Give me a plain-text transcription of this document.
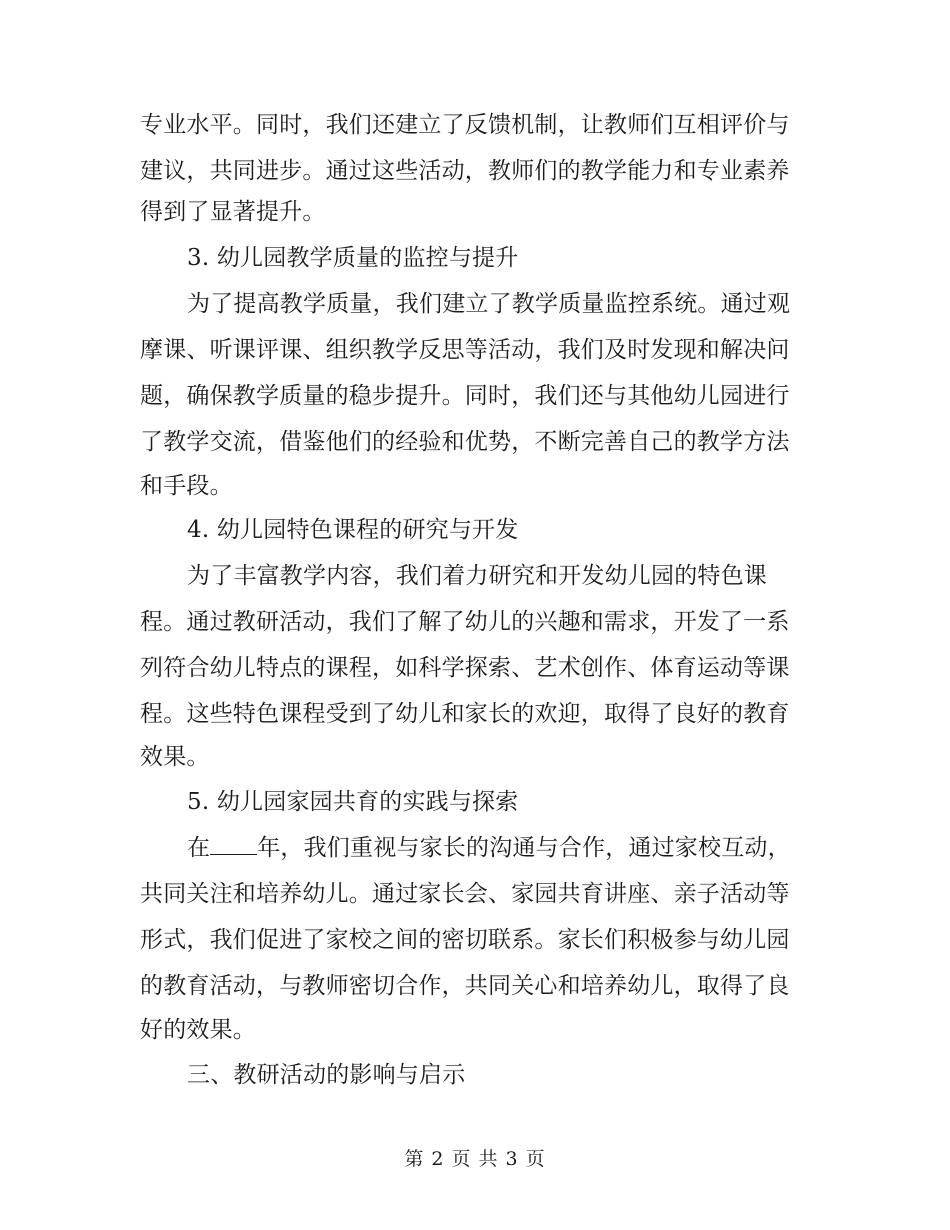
专业水平。同时，我们还建立了反馈机制，让教师们互相评价与
建议，共同进步。通过这些活动，教师们的教学能力和专业素养
得到了显著提升。
3. 幼儿园教学质量的监控与提升
为了提高教学质量，我们建立了教学质量监控系统。通过观
摩课、听课评课、组织教学反思等活动，我们及时发现和解决问
题，确保教学质量的稳步提升。同时，我们还与其他幼儿园进行
了教学交流，借鉴他们的经验和优势，不断完善自己的教学方法
和手段。
4. 幼儿园特色课程的研究与开发
为了丰富教学内容，我们着力研究和开发幼儿园的特色课
程。通过教研活动，我们了解了幼儿的兴趣和需求，开发了一系
列符合幼儿特点的课程，如科学探索、艺术创作、体育运动等课
程。这些特色课程受到了幼儿和家长的欢迎，取得了良好的教育
效果。
5. 幼儿园家园共育的实践与探索
在 年，我们重视与家长的沟通与合作，通过家校互动，
共同关注和培养幼儿。通过家长会、家园共育讲座、亲子活动等
形式，我们促进了家校之间的密切联系。家长们积极参与幼儿园
的教育活动，与教师密切合作，共同关心和培养幼儿，取得了良
好的效果。
三、教研活动的影响与启示
第 2 页 共 3 页
